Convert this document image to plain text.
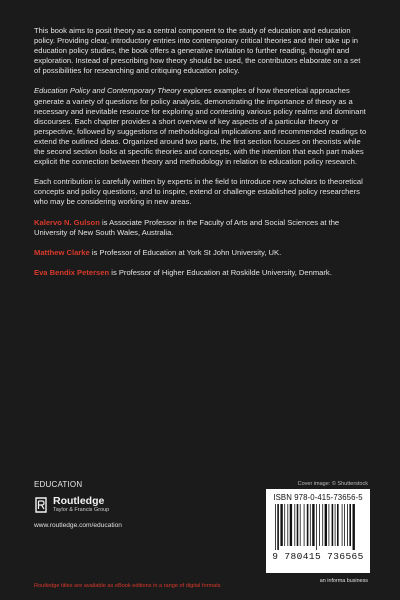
This book aims to posit theory as a central component to the study of education and education policy. Providing clear, introductory entries into contemporary critical theories and their take up in education policy studies, the book offers a generative invitation to further reading, thought and exploration. Instead of prescribing how theory should be used, the contributors elaborate on a set of possibilities for researching and critiquing education policy.

Education Policy and Contemporary Theory explores examples of how theoretical approaches generate a variety of questions for policy analysis, demonstrating the importance of theory as a necessary and inevitable resource for exploring and contesting various policy realms and dominant discourses. Each chapter provides a short overview of key aspects of a particular theory or perspective, followed by suggestions of methodological implications and recommended readings to extend the outlined ideas. Organized around two parts, the first section focuses on theorists while the second section looks at specific theories and concepts, with the intention that each part makes explicit the connection between theory and methodology in relation to education policy research.

Each contribution is carefully written by experts in the field to introduce new scholars to theoretical concepts and policy questions, and to inspire, extend or challenge established policy researchers who may be considering working in new areas.

Kalervo N. Gulson is Associate Professor in the Faculty of Arts and Social Sciences at the University of New South Wales, Australia.

Matthew Clarke is Professor of Education at York St John University, UK.

Eva Bendix Petersen is Professor of Higher Education at Roskilde University, Denmark.

EDUCATION	Cover image: © Shutterstock
Routledge
Taylor & Francis Group
www.routledge.com/education
ISBN 978-0-415-73656-5
9 780415 736565
Routledge titles are available as eBook editions in a range of digital formats
an informa business
